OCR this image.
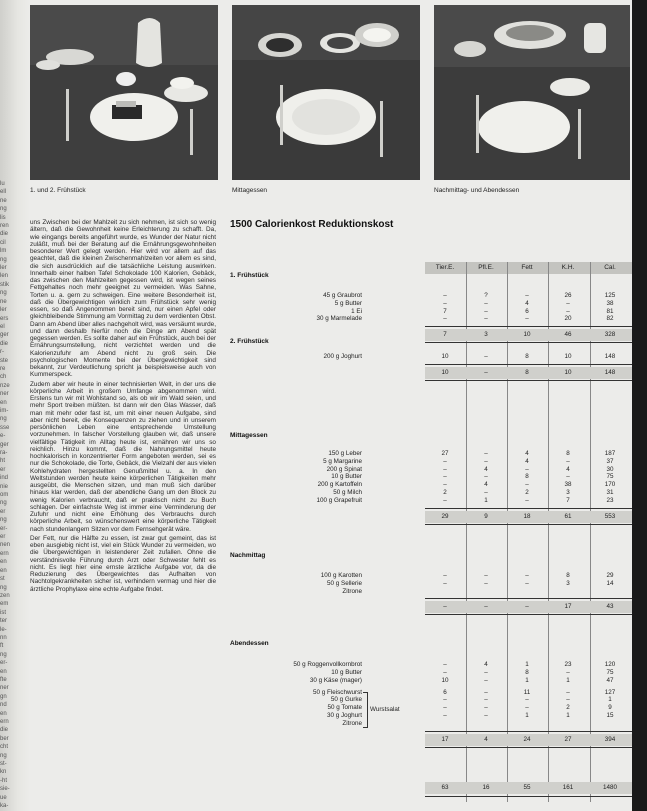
lu
ell
ne
ng
lis
ren
die
cil
lm
ng
ler
len
stik
ng
ne
ler
ers
el
ger
die
r-
ste
re
ch
nze
ner
en
im-
ng
sse
e-
ger
ra-
ht
er
ind
nie
om
ng
er
ng
er-
er
nen
ern
en
en
st
ng
zen
em
ist
ter
le-
nn
ft
ng
er-
en
fte
ner
gn
nd
en
ern
die
ber
cht
ng
st-
kn
-ht
sie-
ue
ka-
1. und 2. Frühstück	Mittagessen	Nachmittag- und Abendessen

uns Zwischen bei der Mahlzeit zu sich nehmen, ist sich so wenig ältern, daß die Gewohnheit keine Erleichterung zu schafft. Da, wie eingangs bereits angeführt wurde, es Wunder der Natur nicht zuläßt, muß bei der Beratung auf die Ernährungsgewohnheiten besonderer Wert gelegt werden. Hier wird vor allem auf das geachtet, daß die kleinen Zwischenmahlzeiten vor allem es sind, die sich ausdrücklich auf die tatsächliche Leistung auswirken. Innerhalb einer halben Tafel Schokolade 100 Kalorien, Gebäck, das zwischen den Mahlzeiten gegessen wird, ist wegen seines Fettgehaltes noch mehr geeignet zu vermeiden. Was Sahne, Torten u. a. gern zu schweigen. Eine weitere Besonderheit ist, daß die Übergewichtigen wirklich zum Frühstück sehr wenig essen, so daß Angenommen bereit sind, nur einen Apfel oder gleichbleibende Stimmung am Vormittag zu dem verdienten Obst. Dann am Abend über alles nachgeholt wird, was versäumt wurde, und dann deshalb hierfür noch die Dinge am Abend spät gegessen werden. Es sollte daher auf ein Frühstück, auch bei der Ernährungsumstellung, nicht verzichtet werden und die Kalorienzufuhr am Abend nicht zu groß sein. Die psychologischen Momente bei der Übergewichtigkeit sind bekannt, zur Verdeutlichung spricht ja beispielsweise auch von Kummerspeck.

Zudem aber wir heute in einer technisierten Welt, in der uns die körperliche Arbeit in großem Umfange abgenommen wird. Erstens tun wir mit Wohlstand so, als ob wir im Wald seien, und mehr Sport treiben müßten. Ist dann wir den Glas Wasser, daß man mit mehr oder fast ist, um mit einer neuen Aufgabe, sind aber nicht bereit, die Konsequenzen zu ziehen und in unserem persönlichen Leben eine entsprechende Umstellung vorzunehmen. In falscher Vorstellung glauben wir, daß unsere vielfältige Tätigkeit im Alltag heute ist, ernähren wir uns so reichlich. Hinzu kommt, daß die Nahrungsmittel heute hochkalorisch in konzentrierter Form angeboten werden, sei es nur die Schokolade, die Torte, Gebäck, die Vielzahl der aus vielen Kohlehydraten hergestellten Genußmittel u. a. In den Weltstunden werden heute keine körperlichen Tätigkeiten mehr ausgeübt, die Menschen sitzen, und man muß sich darüber hinaus klar werden, daß der abendliche Gang um den Block zu wenig Kalorien verbraucht, daß er praktisch nicht zu Buch schlagen. Der einfachste Weg ist immer eine Verminderung der Zufuhr und nicht eine Erhöhung des Verbrauchs durch körperliche Arbeit, so wünschenswert eine körperliche Tätigkeit nach stundenlangem Sitzen vor dem Fernsehgerät wäre.

Der Fett, nur die Hälfte zu essen, ist zwar gut gemeint, das ist eben ausgiebig nicht ist, viel ein Stück Wunder zu vermeiden, wo die Übergewichtigen in leistenderer Zeit zufallen. Ohne die verständnisvolle Führung durch Arzt oder Schwester fehlt es nicht. Es liegt hier eine ernste ärztliche Aufgabe vor, da die Reduzierung des Übergewichtes das Aufhalten von Nachtolgekrankheiten sicher ist, verhindern vermag und hier die ärztliche Prophylaxe eine echte Aufgabe findet.

1500 Calorienkost Reduktionskost
Tier.E.	Pfl.E.	Fett	K.H.	Cal.
1. Frühstück
45 g Graubrot	–	?	–	26	125
5 g Butter	–	–	4	–	38
1 Ei	7	–	6	–	81
30 g Marmelade	–	–	–	20	82
7	3	10	46	328
2. Frühstück
200 g Joghurt	10	–	8	10	148
10	–	8	10	148
Mittagessen
150 g Leber	27	–	4	8	187
5 g Margarine	–	–	4	–	37
200 g Spinat	–	4	–	4	30
10 g Butter	–	–	8	–	75
200 g Kartoffeln	–	4	–	38	170
50 g Milch	2	–	2	3	31
100 g Grapefruit	–	1	–	7	23
29	9	18	61	553
Nachmittag
100 g Karotten	–	–	–	8	29
50 g Sellerie	–	–	–	3	14
Zitrone
–	–	–	17	43
Abendessen
50 g Roggenvollkornbrot	–	4	1	23	120
10 g Butter	–	–	8	–	75
30 g Käse (mager)	10	–	1	1	47
50 g Fleischwurst	6	–	11	–	127
50 g Gurke	–	–	–	–	1
50 g Tomate	–	–	–	2	9
30 g Joghurt	–	–	1	1	15
Zitrone
17	4	24	27	394
Wurstsalat
63	16	55	161	1480
